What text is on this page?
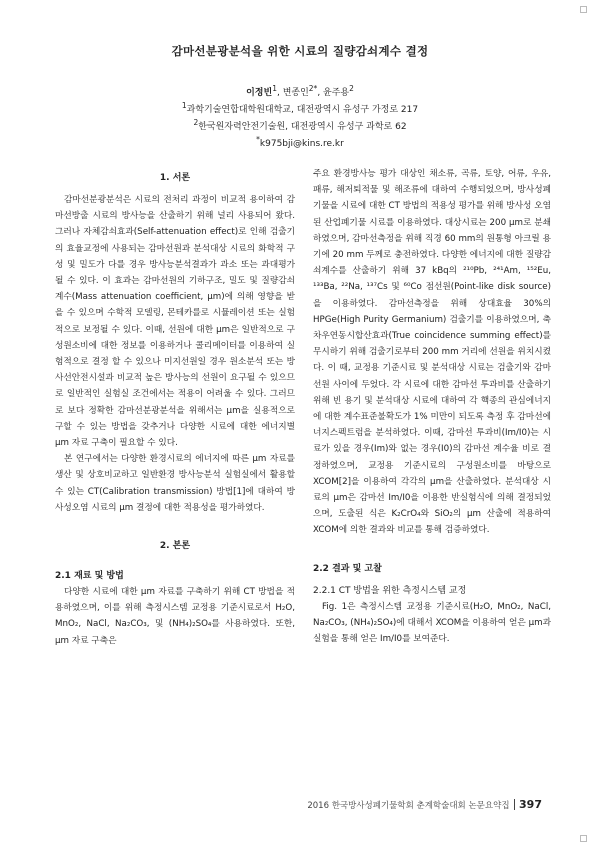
감마선분광분석을 위한 시료의 질량감쇠계수 결정
이정빈$^1$, 변종인$^{2*}$, 윤주용$^2$
$^1$과학기술연합대학원대학교, 대전광역시 유성구 가정로 217
$^2$한국원자력안전기술원, 대전광역시 유성구 과학로 62
*k975bji@kins.re.kr
1. 서론

감마선분광분석은 시료의 전처리 과정이 비교적 용이하여 감마선방출 시료의 방사능을 산출하기 위해 널리 사용되어 왔다. 그러나 자체감쇠효과(Self-attenuation effect)로 인해 검출기의 효율교정에 사용되는 감마선원과 분석대상 시료의 화학적 구성 및 밀도가 다를 경우 방사능분석결과가 과소 또는 과대평가될 수 있다. 이 효과는 감마선원의 기하구조, 밀도 및 질량감쇠계수(Mass attenuation coefficient, μm)에 의해 영향을 받을 수 있으며 수학적 모델링, 몬테카를로 시뮬레이션 또는 실험적으로 보정될 수 있다. 이때, 선원에 대한 μm은 일반적으로 구성원소비에 대한 정보를 이용하거나 콜리메이터를 이용하여 실험적으로 결정 할 수 있으나 미지선원일 경우 원소분석 또는 방사선안전시설과 비교적 높은 방사능의 선원이 요구될 수 있으므로 일반적인 실험실 조건에서는 적용이 어려울 수 있다. 그러므로 보다 정확한 감마선분광분석을 위해서는 μm을 실용적으로 구할 수 있는 방법을 갖추거나 다양한 시료에 대한 에너지별 μm 자료 구축이 필요할 수 있다.

본 연구에서는 다양한 환경시료의 에너지에 따른 μm 자료를 생산 및 상호비교하고 일반환경 방사능분석 실험실에서 활용할 수 있는 CT(Calibration transmission) 방법[1]에 대하여 방사성오염 시료의 μm 결정에 대한 적용성을 평가하였다.

2. 본론
2.1 재료 및 방법

다양한 시료에 대한 μm 자료를 구축하기 위해 CT 방법을 적용하였으며, 이를 위해 측정시스템 교정용 기준시료로서 H₂O, MnO₂, NaCl, Na₂CO₃, 및 (NH₄)₂SO₄를 사용하였다. 또한, μm 자료 구축은

주요 환경방사능 평가 대상인 채소류, 곡류, 토양, 어류, 우유, 패류, 해저퇴적물 및 해조류에 대하여 수행되었으며, 방사성폐기물을 시료에 대한 CT 방법의 적용성 평가를 위해 방사성 오염된 산업폐기물 시료를 이용하였다. 대상시료는 200 μm로 분쇄하였으며, 감마선측정을 위해 직경 60 mm의 원통형 아크릴 용기에 20 mm 두께로 충전하였다. 다양한 에너지에 대한 질량감쇠계수를 산출하기 위해 37 kBq의 ²¹⁰Pb, ²⁴¹Am, ¹⁵²Eu, ¹³³Ba, ²²Na, ¹³⁷Cs 및 ⁶⁰Co 점선원(Point-like disk source)을 이용하였다. 감마선측정을 위해 상대효율 30%의 HPGe(High Purity Germanium) 검출기를 이용하였으며, 축차우연동시합산효과(True coincidence summing effect)를 무시하기 위해 검출기로부터 200 mm 거리에 선원을 위치시켰다. 이 때, 교정용 기준시료 및 분석대상 시료는 검출기와 감마선원 사이에 두었다. 각 시료에 대한 감마선 투과비를 산출하기 위해 빈 용기 및 분석대상 시료에 대하여 각 핵종의 관심에너지에 대한 계수표준불확도가 1% 미만이 되도록 측정 후 감마선에너지스펙트럼을 분석하였다. 이때, 감마선 투과비(Im/I0)는 시료가 있을 경우(Im)와 없는 경우(I0)의 감마선 계수율 비로 결정하였으며, 교정용 기준시료의 구성원소비를 바탕으로 XCOM[2]을 이용하여 각각의 μm을 산출하였다. 분석대상 시료의 μm은 감마선 Im/I0을 이용한 반실험식에 의해 결정되었으며, 도출된 식은 K₂CrO₄와 SiO₂의 μm 산출에 적용하여 XCOM에 의한 결과와 비교를 통해 검증하였다.

2.2 결과 및 고찰
2.2.1 CT 방법을 위한 측정시스템 교정

Fig. 1은 측정시스템 교정용 기준시료(H₂O, MnO₂, NaCl, Na₂CO₃, (NH₄)₂SO₄)에 대해서 XCOM을 이용하여 얻은 μm과 실험을 통해 얻은 Im/I0를 보여준다.

2016 한국방사성폐기물학회 춘계학술대회 논문요약집 397
